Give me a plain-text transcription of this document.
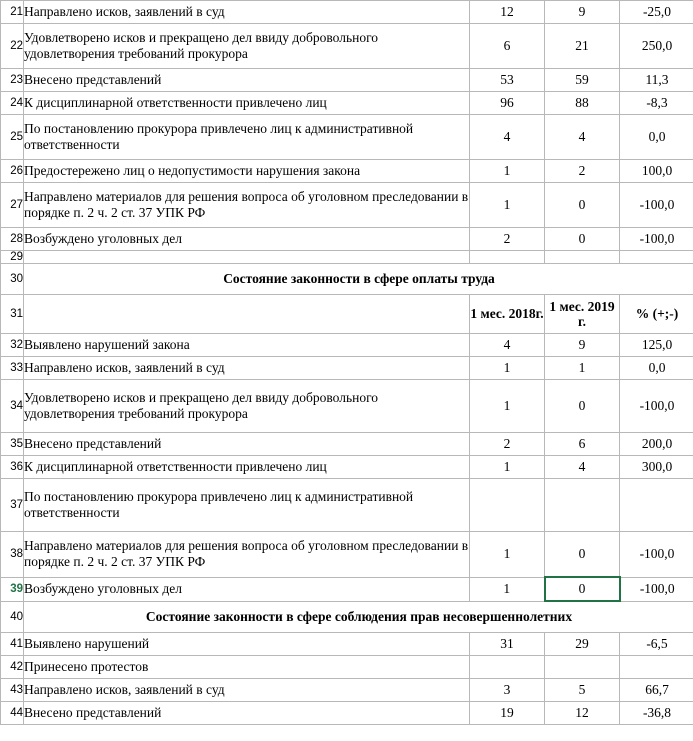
21	Направлено исков, заявлений в суд	12	9	-25,0
22	Удовлетворено исков и прекращено дел ввиду добровольного удовлетворения требований прокурора	6	21	250,0
23	Внесено представлений	53	59	11,3
24	К дисциплинарной ответственности привлечено лиц	96	88	-8,3
25	По постановлению прокурора привлечено лиц к административной ответственности	4	4	0,0
26	Предостережено лиц о недопустимости нарушения закона	1	2	100,0
27	Направлено материалов для решения вопроса об уголовном преследовании в порядке п. 2 ч. 2 ст. 37 УПК РФ	1	0	-100,0
28	Возбуждено уголовных дел	2	0	-100,0
29				
30	Состояние законности в сфере оплаты труда			
31		1 мес. 2018г.	1 мес. 2019 г.	% (+;-)
32	Выявлено нарушений закона	4	9	125,0
33	Направлено исков, заявлений в суд	1	1	0,0
34	Удовлетворено исков и прекращено дел ввиду добровольного удовлетворения требований прокурора	1	0	-100,0
35	Внесено представлений	2	6	200,0
36	К дисциплинарной ответственности привлечено лиц	1	4	300,0
37	По постановлению прокурора привлечено лиц к административной ответственности			
38	Направлено материалов для решения вопроса об уголовном преследовании в порядке п. 2 ч. 2 ст. 37 УПК РФ	1	0	-100,0
39	Возбуждено уголовных дел	1	0	-100,0
40	Состояние законности в сфере соблюдения прав несовершеннолетних			
41	Выявлено нарушений	31	29	-6,5
42	Принесено протестов			
43	Направлено исков, заявлений в суд	3	5	66,7
44	Внесено представлений	19	12	-36,8
